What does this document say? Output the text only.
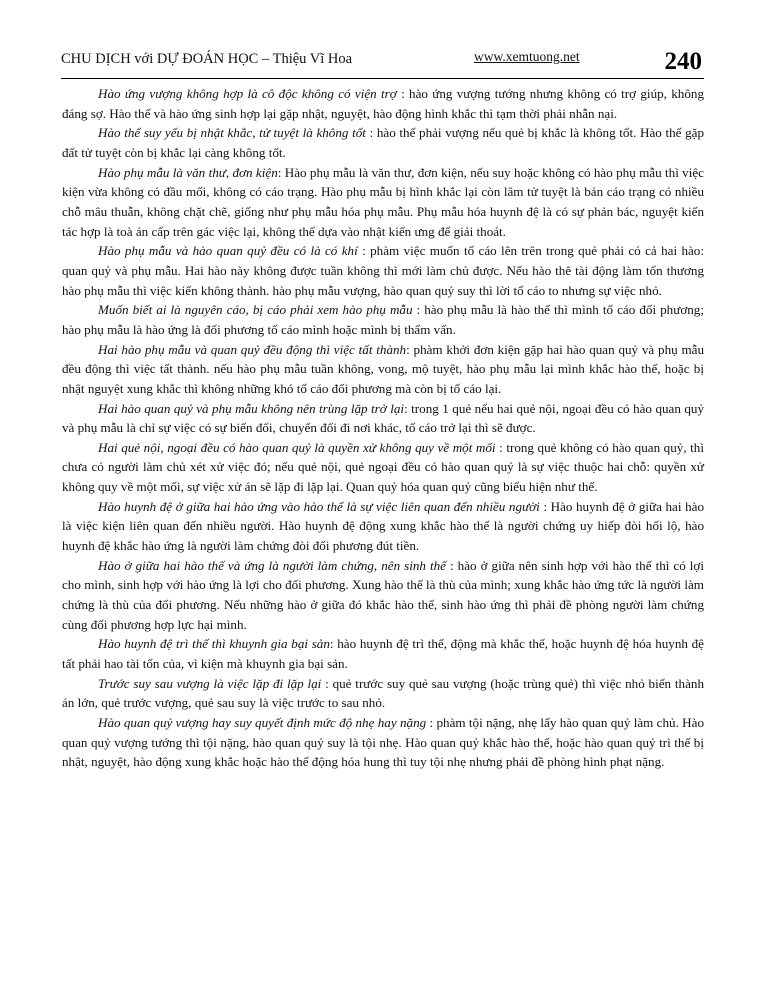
CHU DỊCH với DỰ ĐOÁN HỌC – Thiệu Vĩ Hoa	www.xemtuong.net	240

Hào ứng vượng không hợp là cô độc không có viện trợ : hào ứng vượng tướng nhưng không có trợ giúp, không đáng sợ. Hào thế và hào ứng sinh hợp lại gặp nhật, nguyệt, hào động hình khắc thì tạm thời phải nhẫn nại.

Hào thế suy yếu bị nhật khắc, tử tuyệt là không tốt : hào thế phải vượng nếu quẻ bị khắc là không tốt. Hào thế gặp đất tử tuyệt còn bị khắc lại càng không tốt.

Hào phụ mẫu là văn thư, đơn kiện: Hào phụ mẫu là văn thư, đơn kiện, nếu suy hoặc không có hào phụ mẫu thì việc kiện vừa không có đầu mối, không có cáo trạng. Hào phụ mẫu bị hình khắc lại còn lâm tử tuyệt là bản cáo trạng có nhiều chỗ mâu thuẫn, không chặt chẽ, giống như phụ mẫu hóa phụ mẫu. Phụ mẫu hóa huynh đệ là có sự phản bác, nguyệt kiến tác hợp là toà án cấp trên gác việc lại, không thể dựa vào nhật kiến ưng để giải thoát.

Hào phụ mẫu và hào quan quỷ đều có là có khí : phàm việc muốn tố cáo lên trên trong quẻ phải có cả hai hào: quan quỷ và phụ mẫu. Hai hào này không được tuần không thì mới làm chủ được. Nếu hào thê tài động làm tổn thương hào phụ mẫu thì việc kiến không thành. hào phụ mẫu vượng, hào quan quỷ suy thì lời tố cáo to nhưng sự việc nhỏ.

Muốn biết ai là nguyên cáo, bị cáo phải xem hào phụ mẫu : hào phụ mẫu là hào thế thì mình tố cáo đối phương; hào phụ mẫu là hào ứng là đối phương tố cáo mình hoặc mình bị thẩm vấn.

Hai hào phụ mẫu và quan quỷ đều động thì việc tất thành: phàm khởi đơn kiện gặp hai hào quan quỷ và phụ mẫu đều động thì việc tất thành. nếu hào phụ mẫu tuần không, vong, mộ tuyệt, hào phụ mẫu lại mình khắc hào thế, hoặc bị nhật nguyệt xung khắc thì không những khó tố cáo đối phương mà còn bị tố cáo lại.

Hai hào quan quỷ và phụ mẫu không nên trùng lặp trở lại: trong 1 quẻ nếu hai quẻ nội, ngoại đều có hào quan quỷ và phụ mẫu là chỉ sự việc có sự biến đổi, chuyển đổi đi nơi khác, tố cáo trở lại thì sẽ được.

Hai quẻ nội, ngoại đều có hào quan quỷ là quyền xử không quy về một mối : trong quẻ không có hào quan quỷ, thì chưa có người làm chủ xét xử việc đó; nếu quẻ nội, quẻ ngoại đều có hào quan quỷ là sự việc thuộc hai chỗ: quyền xử không quy về một mối, sự việc xử án sẽ lặp đi lặp lại. Quan quỷ hóa quan quỷ cũng biểu hiện như thế.

Hào huynh đệ ở giữa hai hào ứng vào hào thế là sự việc liên quan đến nhiều người : Hào huynh đệ ở giữa hai hào là việc kiện liên quan đến nhiều người. Hào huynh đệ động xung khắc hào thế là người chứng uy hiếp đòi hối lộ, hào huynh đệ khắc hào ứng là người làm chứng đòi đối phương đút tiền.

Hào ở giữa hai hào thế và ứng là người làm chứng, nên sinh thế : hào ở giữa nên sinh hợp với hào thế thì có lợi cho mình, sinh hợp với hào ứng là lợi cho đối phương. Xung hào thế là thù của mình; xung khắc hào ứng tức là người làm chứng là thù của đối phương. Nếu những hào ở giữa đó khắc hào thế, sinh hào ứng thì phải đề phòng người làm chứng cùng đối phương hợp lực hại mình.

Hào huynh đệ trì thế thì khuynh gia bại sản: hào huynh đệ trì thế, động mà khắc thế, hoặc huynh đệ hóa huynh đệ tất phải hao tài tốn của, vì kiện mà khuynh gia bại sản.

Trước suy sau vượng là việc lặp đi lặp lại : quẻ trước suy quẻ sau vượng (hoặc trùng quẻ) thì việc nhỏ biến thành án lớn, quẻ trước vượng, quẻ sau suy là việc trước to sau nhỏ.

Hào quan quỷ vượng hay suy quyết định mức độ nhẹ hay nặng : phàm tội nặng, nhẹ lấy hào quan quỷ làm chủ. Hào quan quỷ vượng tướng thì tội nặng, hào quan quỷ suy là tội nhẹ. Hào quan quỷ khắc hào thế, hoặc hào quan quỷ trì thế bị nhật, nguyệt, hào động xung khắc hoặc hào thế động hóa hung thì tuy tội nhẹ nhưng phải đề phòng hình phạt nặng.
